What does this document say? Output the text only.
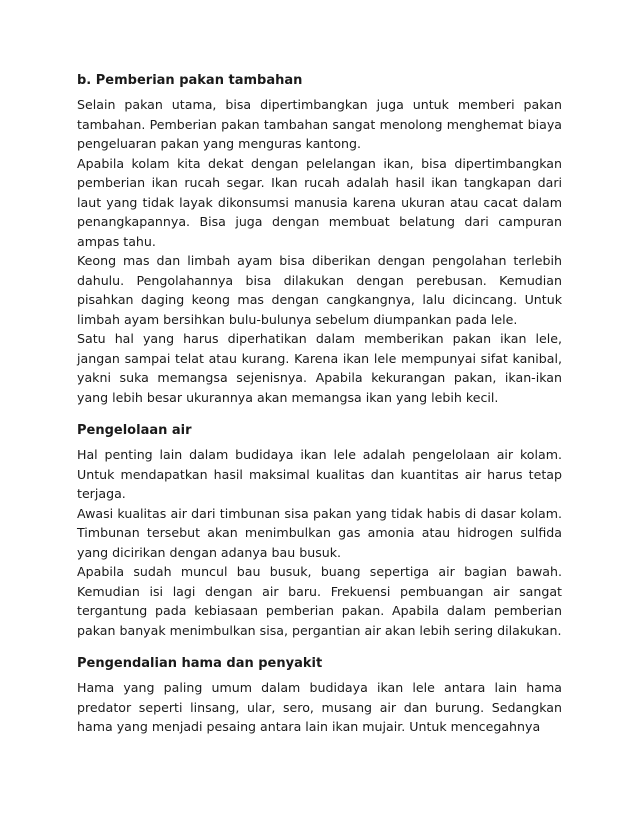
b. Pemberian pakan tambahan

Selain pakan utama, bisa dipertimbangkan juga untuk memberi pakan tambahan. Pemberian pakan tambahan sangat menolong menghemat biaya pengeluaran pakan yang menguras kantong.

Apabila kolam kita dekat dengan pelelangan ikan, bisa dipertimbangkan pemberian ikan rucah segar. Ikan rucah adalah hasil ikan tangkapan dari laut yang tidak layak dikonsumsi manusia karena ukuran atau cacat dalam penangkapannya. Bisa juga dengan membuat belatung dari campuran ampas tahu.

Keong mas dan limbah ayam bisa diberikan dengan pengolahan terlebih dahulu. Pengolahannya bisa dilakukan dengan perebusan. Kemudian pisahkan daging keong mas dengan cangkangnya, lalu dicincang. Untuk limbah ayam bersihkan bulu-bulunya sebelum diumpankan pada lele.

Satu hal yang harus diperhatikan dalam memberikan pakan ikan lele, jangan sampai telat atau kurang. Karena ikan lele mempunyai sifat kanibal, yakni suka memangsa sejenisnya. Apabila kekurangan pakan, ikan-ikan yang lebih besar ukurannya akan memangsa ikan yang lebih kecil.

Pengelolaan air

Hal penting lain dalam budidaya ikan lele adalah pengelolaan air kolam. Untuk mendapatkan hasil maksimal kualitas dan kuantitas air harus tetap terjaga.

Awasi kualitas air dari timbunan sisa pakan yang tidak habis di dasar kolam. Timbunan tersebut akan menimbulkan gas amonia atau hidrogen sulfida yang dicirikan dengan adanya bau busuk.

Apabila sudah muncul bau busuk, buang sepertiga air bagian bawah. Kemudian isi lagi dengan air baru. Frekuensi pembuangan air sangat tergantung pada kebiasaan pemberian pakan. Apabila dalam pemberian pakan banyak menimbulkan sisa, pergantian air akan lebih sering dilakukan.

Pengendalian hama dan penyakit

Hama yang paling umum dalam budidaya ikan lele antara lain hama predator seperti linsang, ular, sero, musang air dan burung. Sedangkan hama yang menjadi pesaing antara lain ikan mujair. Untuk mencegahnya
